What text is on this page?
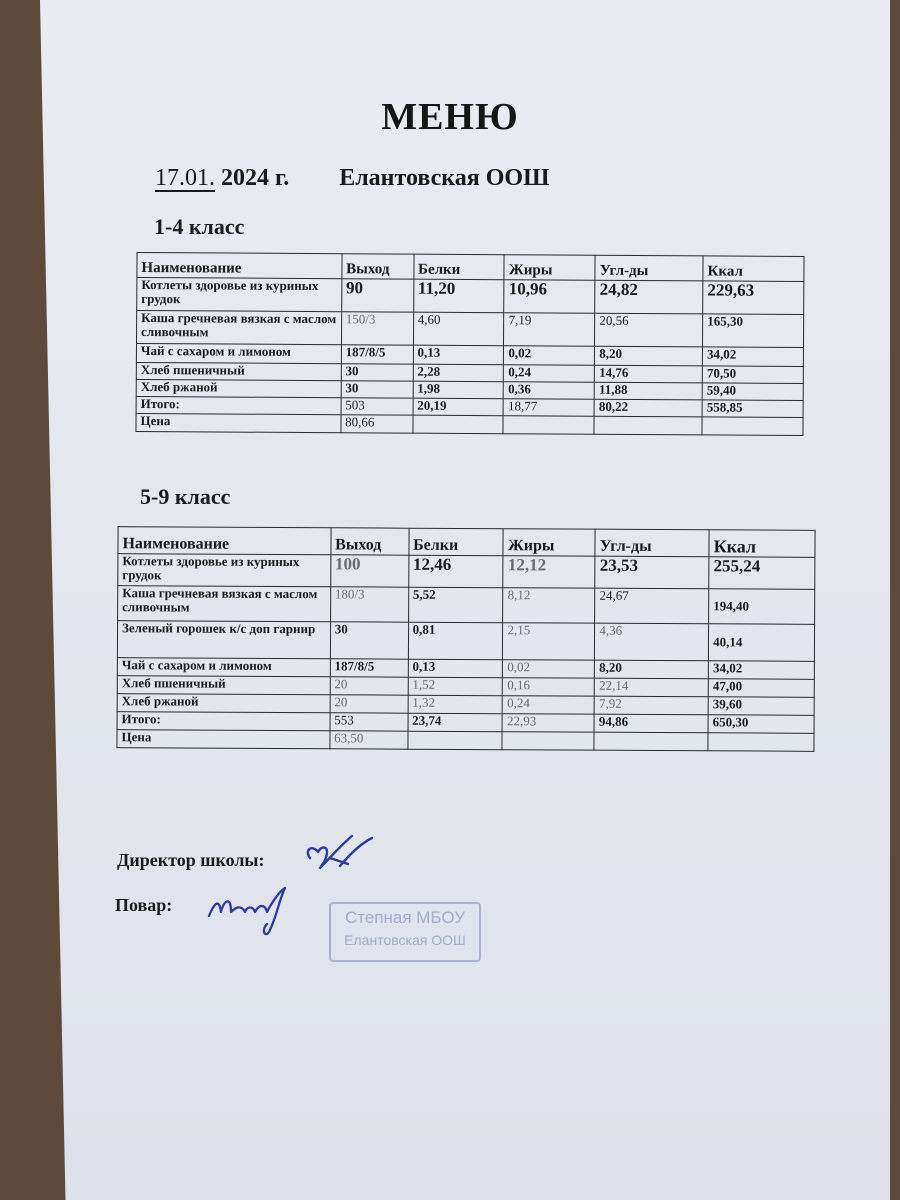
МЕНЮ
17.01. 2024 г. Елантовская ООШ
1-4 класс
Наименование	Выход	Белки	Жиры	Угл-ды	Ккал
Котлеты здоровье из куриных грудок	90	11,20	10,96	24,82	229,63
Каша гречневая вязкая с маслом сливочным	150/3	4,60	7,19	20,56	165,30
Чай с сахаром и лимоном	187/8/5	0,13	0,02	8,20	34,02
Хлеб пшеничный	30	2,28	0,24	14,76	70,50
Хлеб ржаной	30	1,98	0,36	11,88	59,40
Итого:	503	20,19	18,77	80,22	558,85
Цена	80,66				
5-9 класс
Наименование	Выход	Белки	Жиры	Угл-ды	Ккал
Котлеты здоровье из куриных грудок	100	12,46	12,12	23,53	255,24
Каша гречневая вязкая с маслом сливочным	180/3	5,52	8,12	24,67	194,40
Зеленый горошек к/с доп гарнир	30	0,81	2,15	4,36	40,14
Чай с сахаром и лимоном	187/8/5	0,13	0,02	8,20	34,02
Хлеб пшеничный	20	1,52	0,16	22,14	47,00
Хлеб ржаной	20	1,32	0,24	7,92	39,60
Итого:	553	23,74	22,93	94,86	650,30
Цена	63,50				
Директор школы:
Повар:
Степная МБОУ
Елантовская ООШ
